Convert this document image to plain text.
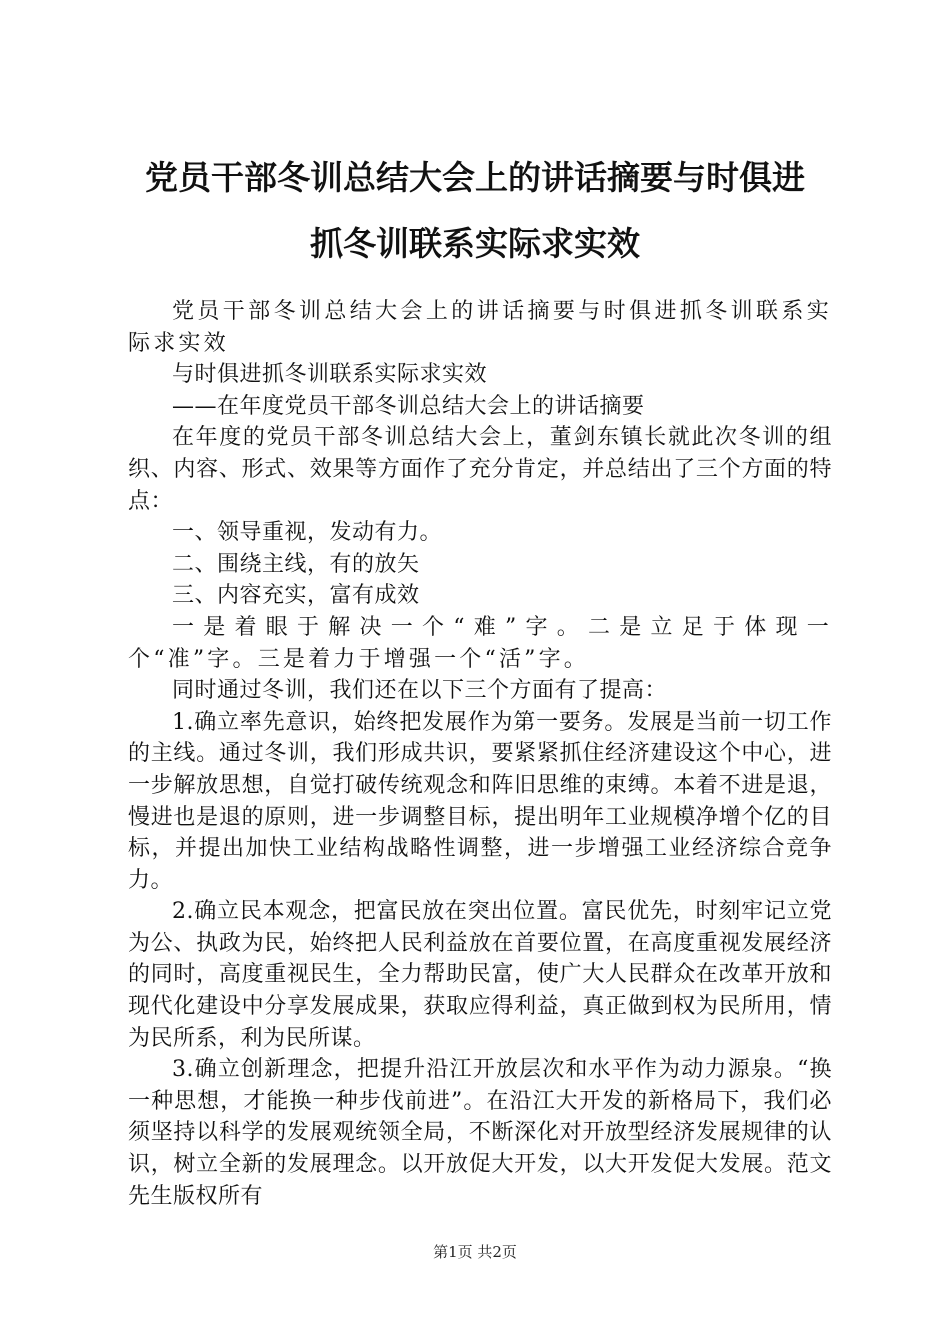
党员干部冬训总结大会上的讲话摘要与时俱进
抓冬训联系实际求实效

党员干部冬训总结大会上的讲话摘要与时俱进抓冬训联系实际求实效

与时俱进抓冬训联系实际求实效

——在年度党员干部冬训总结大会上的讲话摘要

在年度的党员干部冬训总结大会上，董剑东镇长就此次冬训的组织、内容、形式、效果等方面作了充分肯定，并总结出了三个方面的特点：

一、领导重视，发动有力。

二、围绕主线，有的放矢

三、内容充实，富有成效

一是着眼于解决一个“难”字。二是立足于体现一个“准”字。三是着力于增强一个“活”字。

同时通过冬训，我们还在以下三个方面有了提高：

1.确立率先意识，始终把发展作为第一要务。发展是当前一切工作的主线。通过冬训，我们形成共识，要紧紧抓住经济建设这个中心，进一步解放思想，自觉打破传统观念和阵旧思维的束缚。本着不进是退，慢进也是退的原则，进一步调整目标，提出明年工业规模净增个亿的目标，并提出加快工业结构战略性调整，进一步增强工业经济综合竞争力。

2.确立民本观念，把富民放在突出位置。富民优先，时刻牢记立党为公、执政为民，始终把人民利益放在首要位置，在高度重视发展经济的同时，高度重视民生，全力帮助民富，使广大人民群众在改革开放和现代化建设中分享发展成果，获取应得利益，真正做到权为民所用，情为民所系，利为民所谋。

3.确立创新理念，把提升沿江开放层次和水平作为动力源泉。“换一种思想，才能换一种步伐前进”。在沿江大开发的新格局下，我们必须坚持以科学的发展观统领全局，不断深化对开放型经济发展规律的认识，树立全新的发展理念。以开放促大开发，以大开发促大发展。范文先生版权所有

第1页 共2页
